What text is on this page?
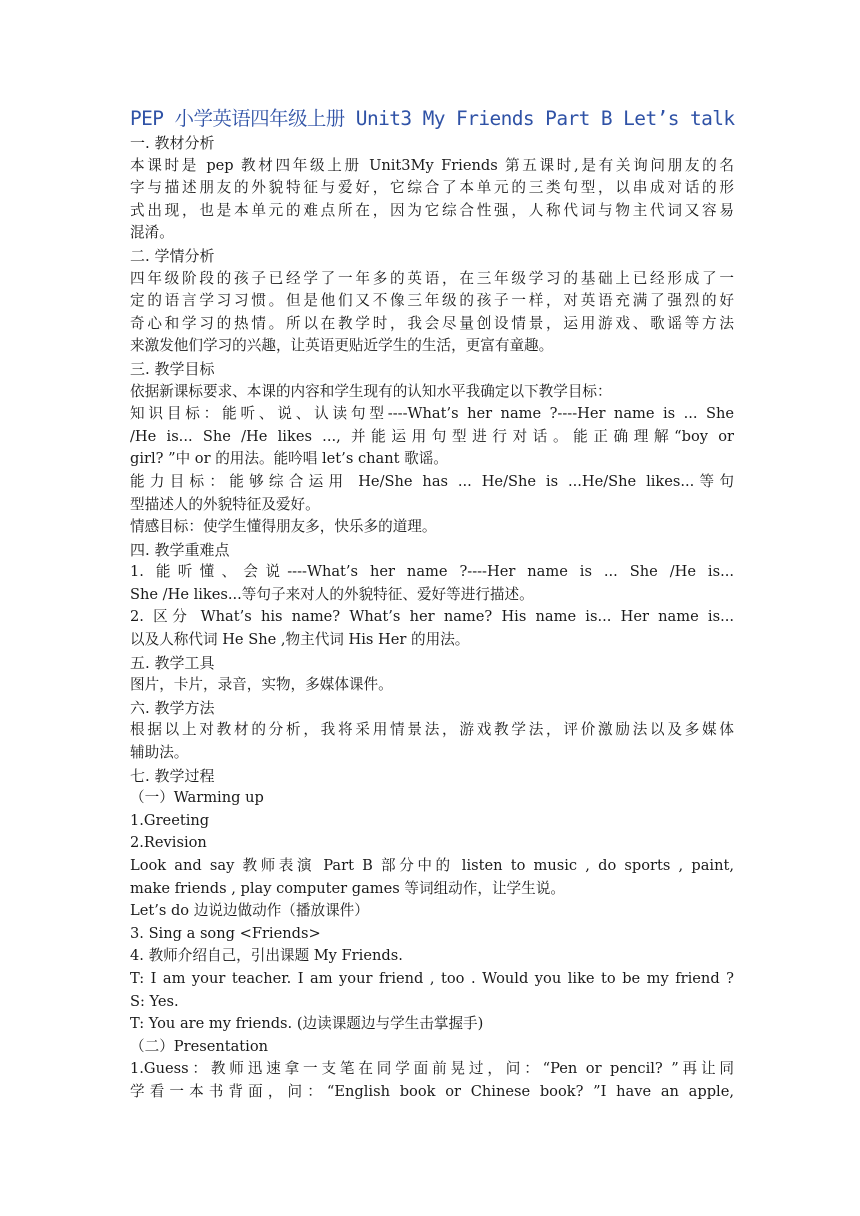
PEP 小学英语四年级上册 Unit3 My Friends Part B Let’s talk
一. 教材分析
本课时是 pep 教材四年级上册 Unit3My Friends 第五课时,是有关询问朋友的名
字与描述朋友的外貌特征与爱好，它综合了本单元的三类句型，以串成对话的形
式出现，也是本单元的难点所在，因为它综合性强，人称代词与物主代词又容易
混淆。
二. 学情分析
四年级阶段的孩子已经学了一年多的英语，在三年级学习的基础上已经形成了一
定的语言学习习惯。但是他们又不像三年级的孩子一样，对英语充满了强烈的好
奇心和学习的热情。所以在教学时，我会尽量创设情景，运用游戏、歌谣等方法
来激发他们学习的兴趣，让英语更贴近学生的生活，更富有童趣。
三. 教学目标
依据新课标要求、本课的内容和学生现有的认知水平我确定以下教学目标：
知识目标：能听、说、认读句型----What’s her name ?----Her name is ... She
/He is... She /He likes ..., 并能运用句型进行对话。能正确理解“boy or
girl? ”中 or 的用法。能吟唱 let’s chant 歌谣。
能力目标：能够综合运用 He/She has ... He/She is ...He/She likes...等句
型描述人的外貌特征及爱好。
情感目标：使学生懂得朋友多，快乐多的道理。
四. 教学重难点
1. 能听懂、会说----What’s her name ?----Her name is ... She /He is...
She /He likes...等句子来对人的外貌特征、爱好等进行描述。
2. 区分 What’s his name? What’s her name? His name is... Her name is...
以及人称代词 He She ,物主代词 His Her 的用法。
五. 教学工具
图片，卡片，录音，实物，多媒体课件。
六. 教学方法
根据以上对教材的分析，我将采用情景法，游戏教学法，评价激励法以及多媒体
辅助法。
七. 教学过程
（一）Warming up
1.Greeting
2.Revision
Look and say 教师表演 Part B 部分中的 listen to music , do sports , paint,
make friends , play computer games 等词组动作，让学生说。
Let’s do 边说边做动作（播放课件）
3. Sing a song <Friends>
4. 教师介绍自己，引出课题 My Friends.
T: I am your teacher. I am your friend , too . Would you like to be my friend ?
S: Yes.
T: You are my friends. (边读课题边与学生击掌握手)
（二）Presentation
1.Guess：教师迅速拿一支笔在同学面前晃过，问：“Pen or pencil? ”再让同
学看一本书背面，问：“English book or Chinese book? ”I have an apple,
